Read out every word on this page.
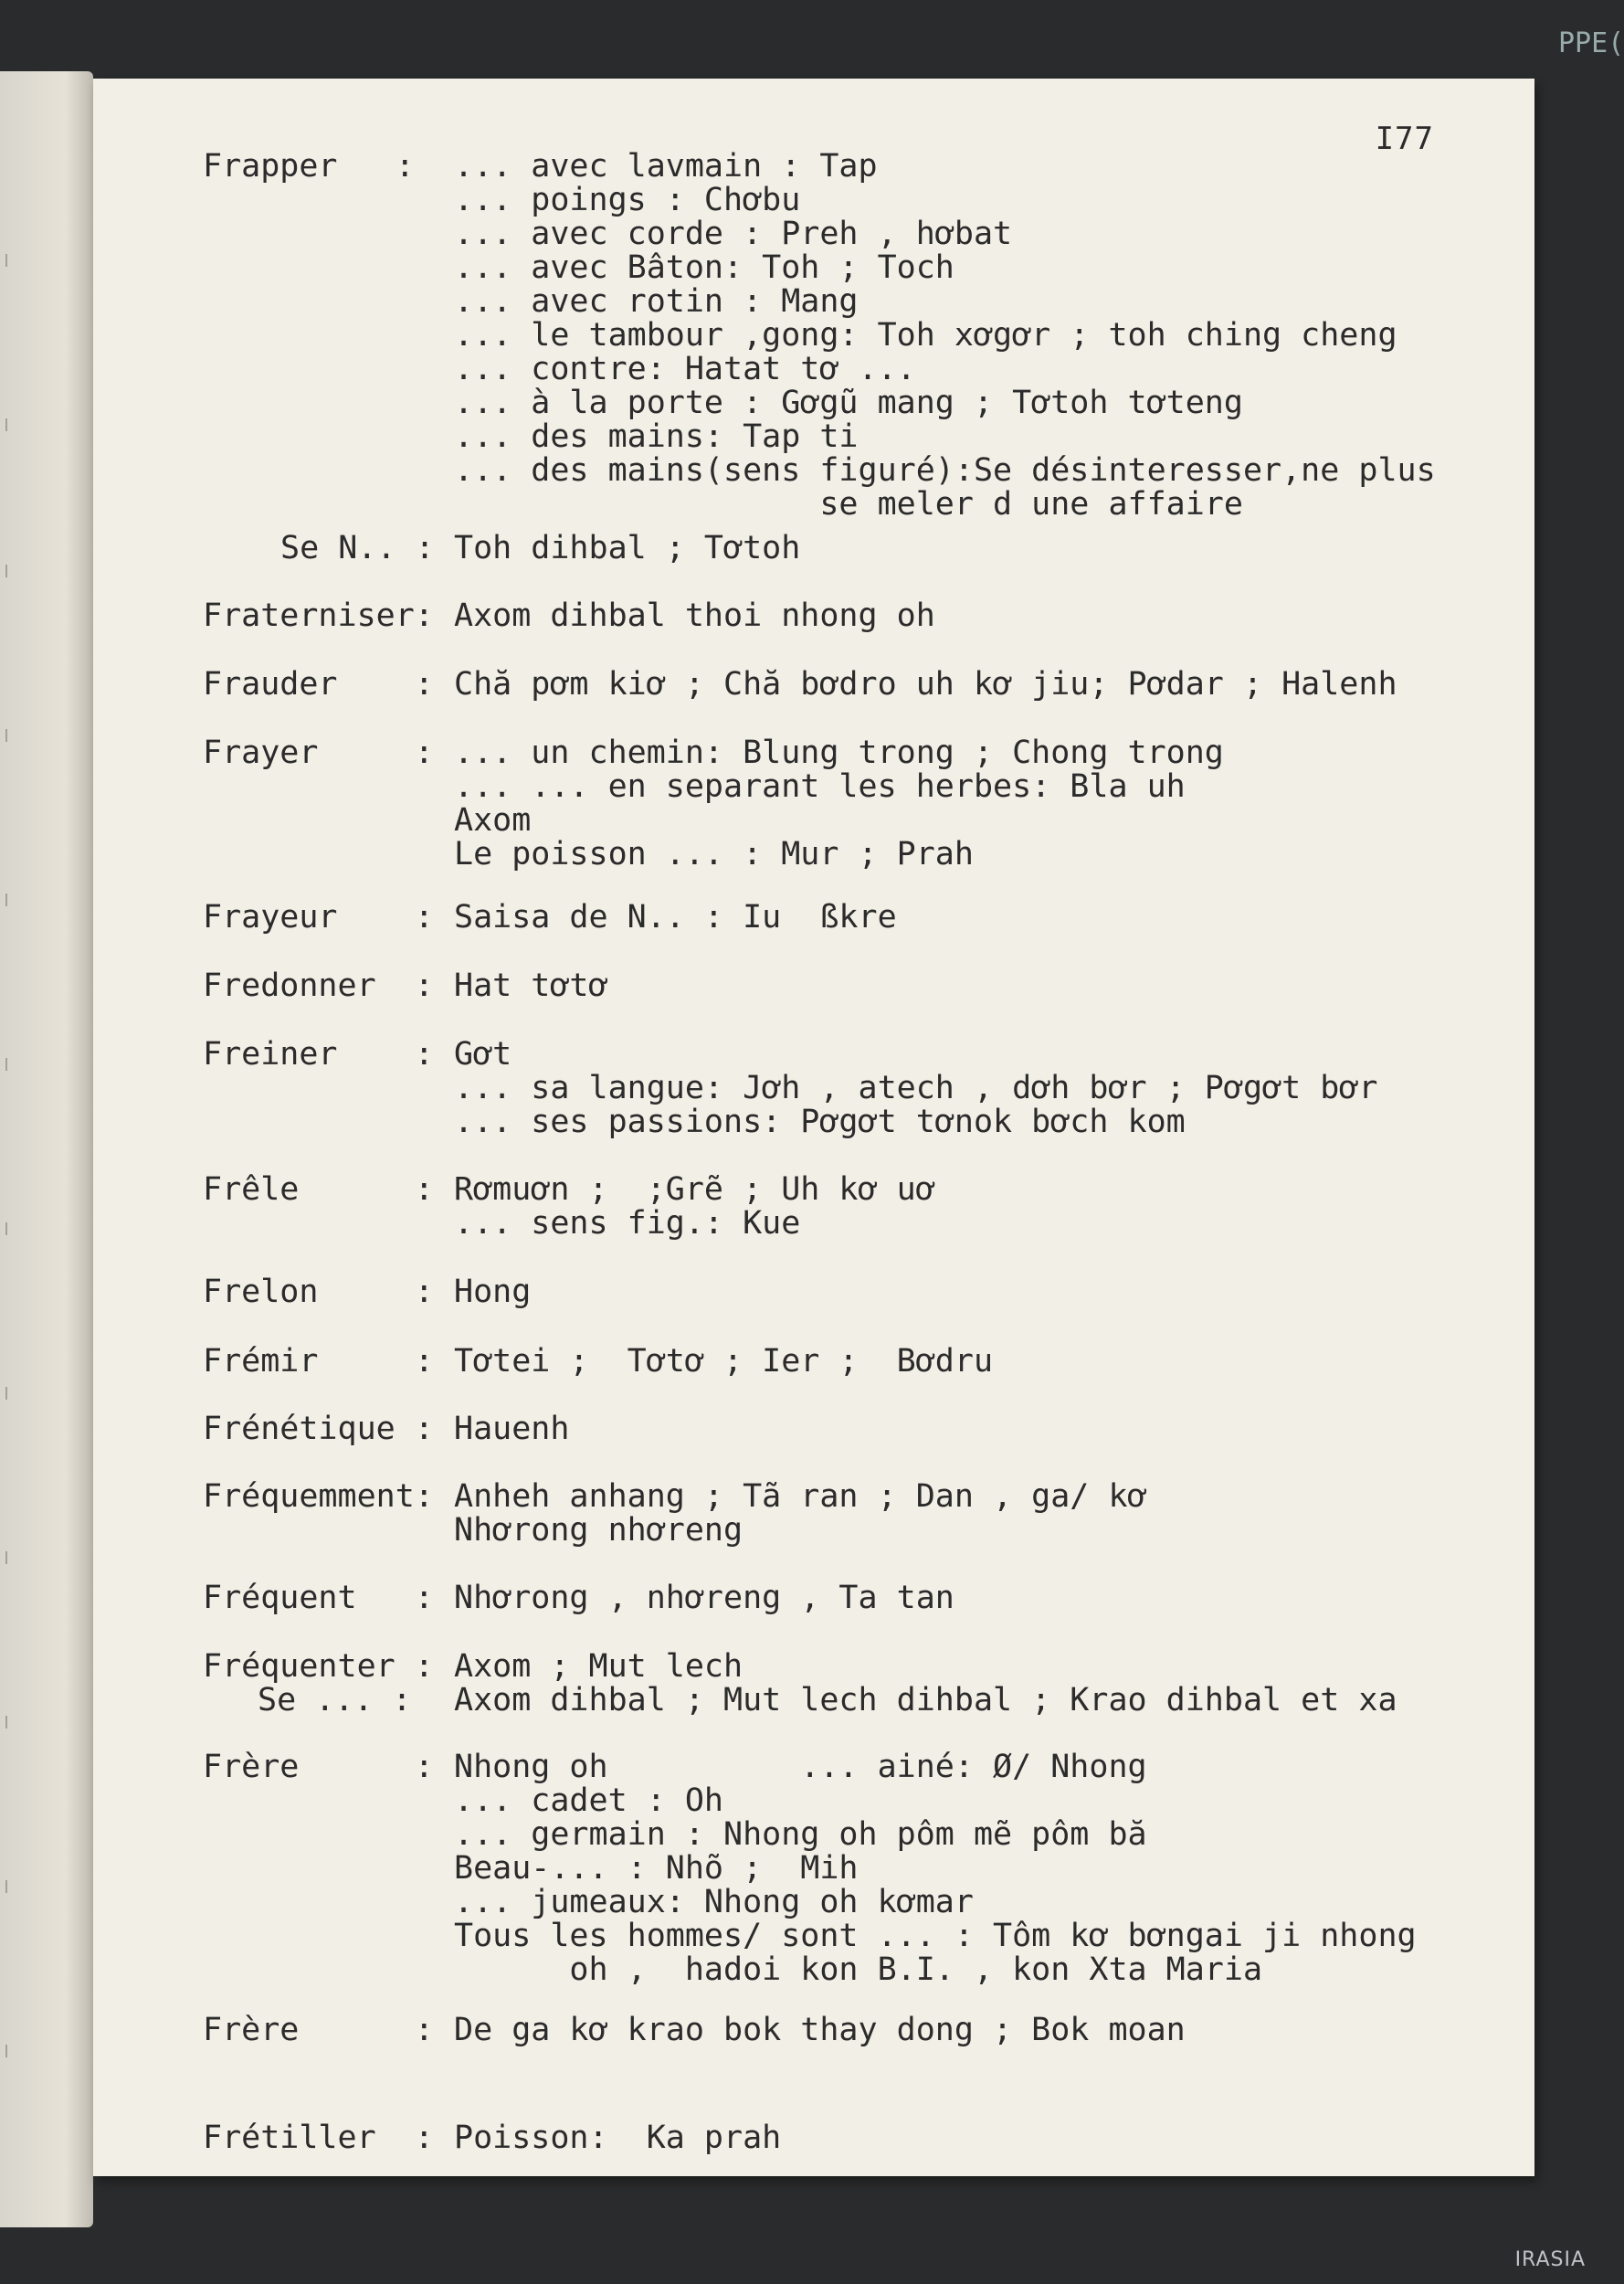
PPE(
I77
Frapper   : ... avec lavmain : Tap
... poings : Chơbu
... avec corde : Preh , hơbat
... avec Bâton: Toh ; Toch
... avec rotin : Mang
... le tambour ,gong: Toh xơgơr ; toh ching cheng
... contre: Hatat tơ ...
... à la porte : Gơgũ mang ; Tơtoh tơteng
... des mains: Tap ti
... des mains(sens figuré):Se désinteresser,ne plus
se meler d une affaire
Se N.. : Toh dihbal ; Tơtoh
Fraterniser: Axom dihbal thoi nhong oh
Frauder    : Chă pơm kiơ ; Chă bơdro uh kơ jiu; Pơdar ; Halenh
Frayer     : ... un chemin: Blung trong ; Chong trong
... ... en separant les herbes: Bla uh
Axom
Le poisson ... : Mur ; Prah
Frayeur    : Saisa de N.. : Iu  ßkre
Fredonner  : Hat tơtơ
Freiner    : Gơt
... sa langue: Jơh , atech , dơh bơr ; Pơgơt bơr
... ses passions: Pơgơt tơnok bơch kom
Frêle      : Rơmuơn ;  ;Grẽ ; Uh kơ uơ
... sens fig.: Kue
Frelon     : Hong
Frémir     : Tơtei ;  Tơtơ ; Ier ;  Bơdru
Frénétique : Hauenh
Fréquemment: Anheh anhang ; Tã ran ; Dan , ga/ kơ
Nhơrong nhơreng
Fréquent   : Nhơrong , nhơreng , Ta tan
Fréquenter : Axom ; Mut lech
Se ... : Axom dihbal ; Mut lech dihbal ; Krao dihbal et xa
Frère      : Nhong oh          ... ainé: Ø/ Nhong
... cadet : Oh
... germain : Nhong oh pôm mẽ pôm bă
Beau-... : Nhõ ;  Mih
... jumeaux: Nhong oh kơmar
Tous les hommes/ sont ... : Tôm kơ bơngai ji nhong
oh ,  hadoi kon B.I. , kon Xta Maria
Frère      : De ga kơ krao bok thay dong ; Bok moan
Frétiller  : Poisson:  Ka prah
IRASIA
